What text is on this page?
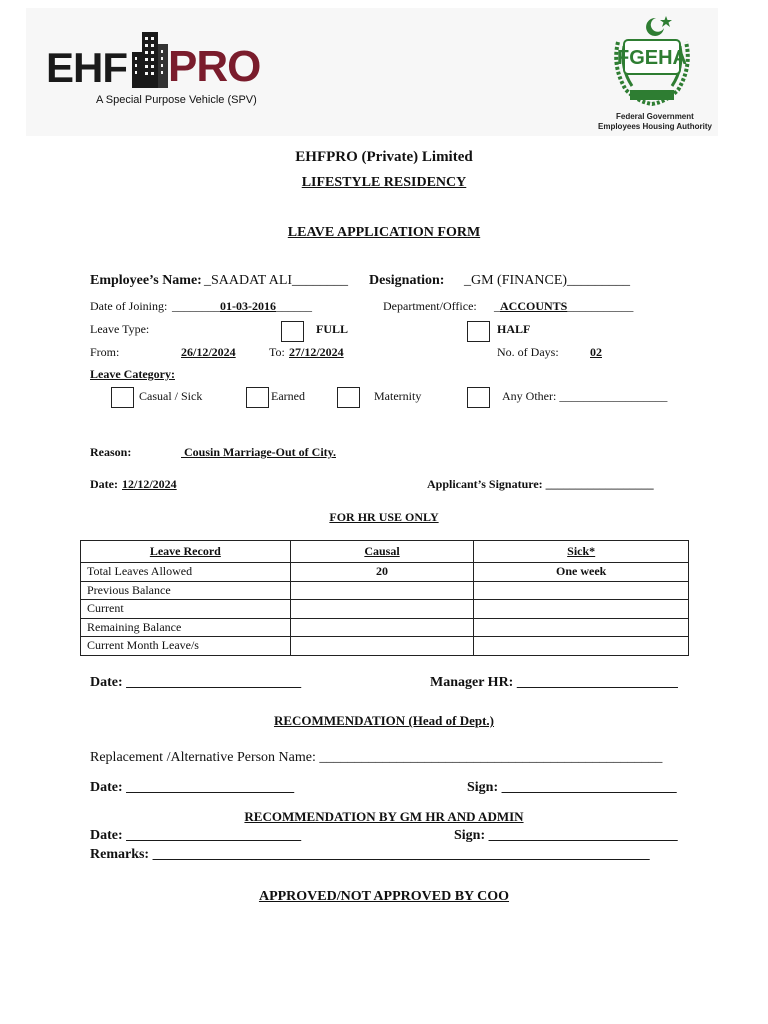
EHF PRO
A Special Purpose Vehicle (SPV)
FGEHA
Federal Government
Employees Housing Authority
EHFPRO (Private) Limited
LIFESTYLE RESIDENCY
LEAVE APPLICATION FORM
Employee’s Name: _SAADAT ALI________ Designation: _GM (FINANCE)_________
Date of Joining: ________01-03-2016______	Department/Office: _ACCOUNTS___________
Leave Type:	FULL	HALF
From:	26/12/2024	To: 27/12/2024	No. of Days:	02
Leave Category:
Casual / Sick	Earned	Maternity	Any Other: __________________
Reason:	Cousin Marriage-Out of City.
Date: 12/12/2024	Applicant’s Signature: __________________
FOR HR USE ONLY
Leave Record	Causal	Sick*
Total Leaves Allowed	20	One week
Previous Balance		
Current		
Remaining Balance		
Current Month Leave/s		
Date: _________________________	Manager HR: _______________________
RECOMMENDATION (Head of Dept.)
Replacement /Alternative Person Name: _________________________________________________
Date: ________________________	Sign: _________________________
RECOMMENDATION BY GM HR AND ADMIN
Date: _________________________	Sign: ___________________________
Remarks: _______________________________________________________________________
APPROVED/NOT APPROVED BY COO
